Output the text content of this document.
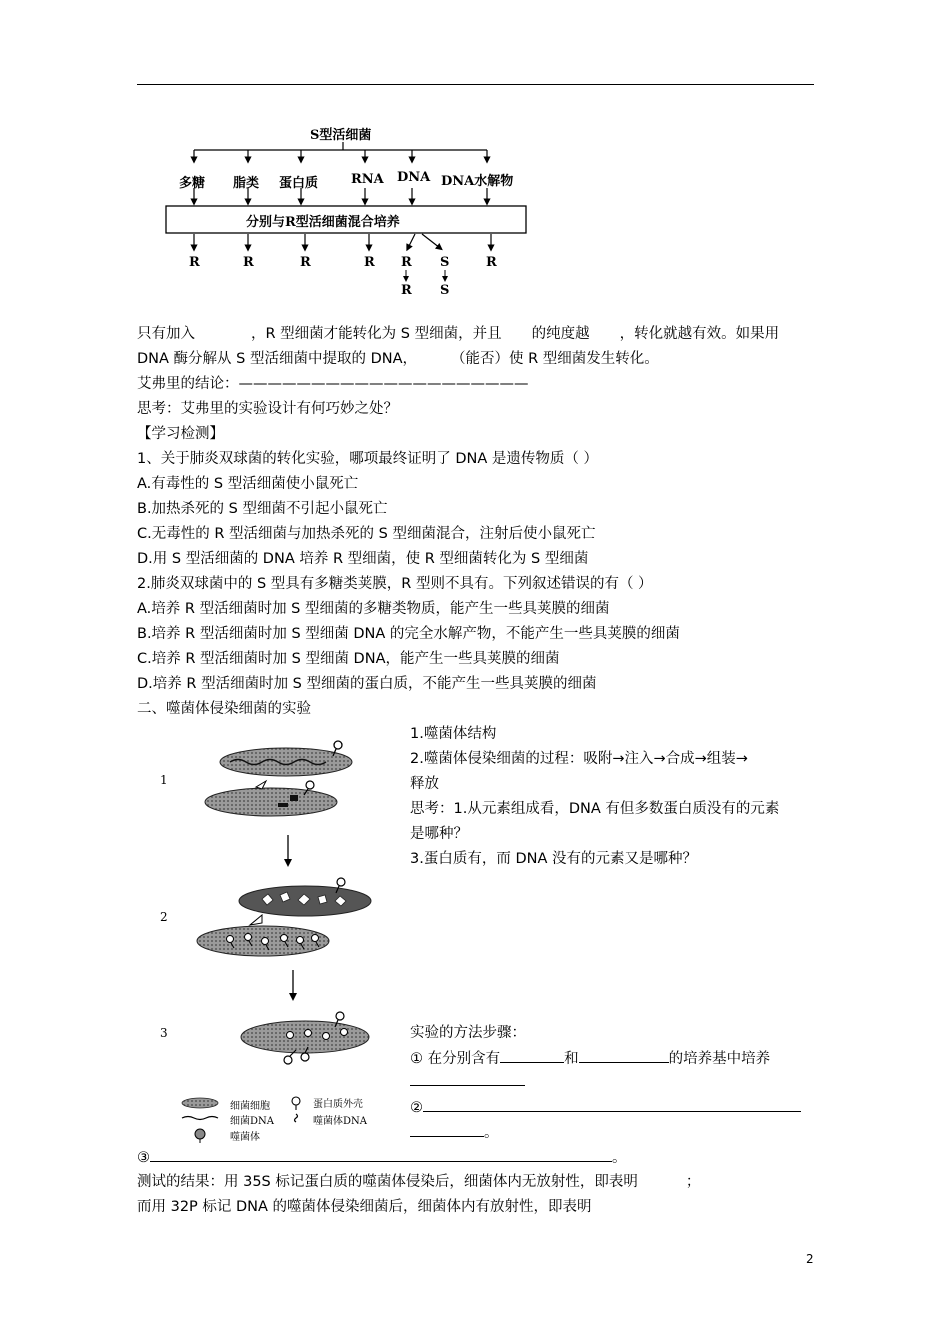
S型活细菌
多糖 脂类 蛋白质	RNA DNA DNA水解物
分别与R型活细菌混合培养
R	R	R	R R S	R
R S
只有加入	，R 型细菌才能转化为 S 型细菌，并且 的纯度越 ，转化就越有效。如果用
DNA 酶分解从 S 型活细菌中提取的 DNA， （能否）使 R 型细菌发生转化。
艾弗里的结论：————————————————————
思考：艾弗里的实验设计有何巧妙之处？
【学习检测】
1、关于肺炎双球菌的转化实验，哪项最终证明了 DNA 是遗传物质（ ）
A.有毒性的 S 型活细菌使小鼠死亡
B.加热杀死的 S 型细菌不引起小鼠死亡
C.无毒性的 R 型活细菌与加热杀死的 S 型细菌混合，注射后使小鼠死亡
D.用 S 型活细菌的 DNA 培养 R 型细菌，使 R 型细菌转化为 S 型细菌
2.肺炎双球菌中的 S 型具有多糖类荚膜，R 型则不具有。下列叙述错误的有（ ）
A.培养 R 型活细菌时加 S 型细菌的多糖类物质，能产生一些具荚膜的细菌
B.培养 R 型活细菌时加 S 型细菌 DNA 的完全水解产物，不能产生一些具荚膜的细菌
C.培养 R 型活细菌时加 S 型细菌 DNA，能产生一些具荚膜的细菌
D.培养 R 型活细菌时加 S 型细菌的蛋白质，不能产生一些具荚膜的细菌
二、噬菌体侵染细菌的实验
1
2
3
细菌细胞	蛋白质外壳
细菌DNA	噬菌体DNA
噬菌体
1.噬菌体结构
2.噬菌体侵染细菌的过程：吸附→注入→合成→组装→
释放
思考：1.从元素组成看，DNA 有但多数蛋白质没有的元素
是哪种？
3.蛋白质有，而 DNA 没有的元素又是哪种？
实验的方法步骤：
① 在分别含有	和	的培养基中培养
②
。
③	。
测试的结果：用 35S 标记蛋白质的噬菌体侵染后，细菌体内无放射性，即表明	；
而用 32P 标记 DNA 的噬菌体侵染细菌后，细菌体内有放射性，即表明
2
